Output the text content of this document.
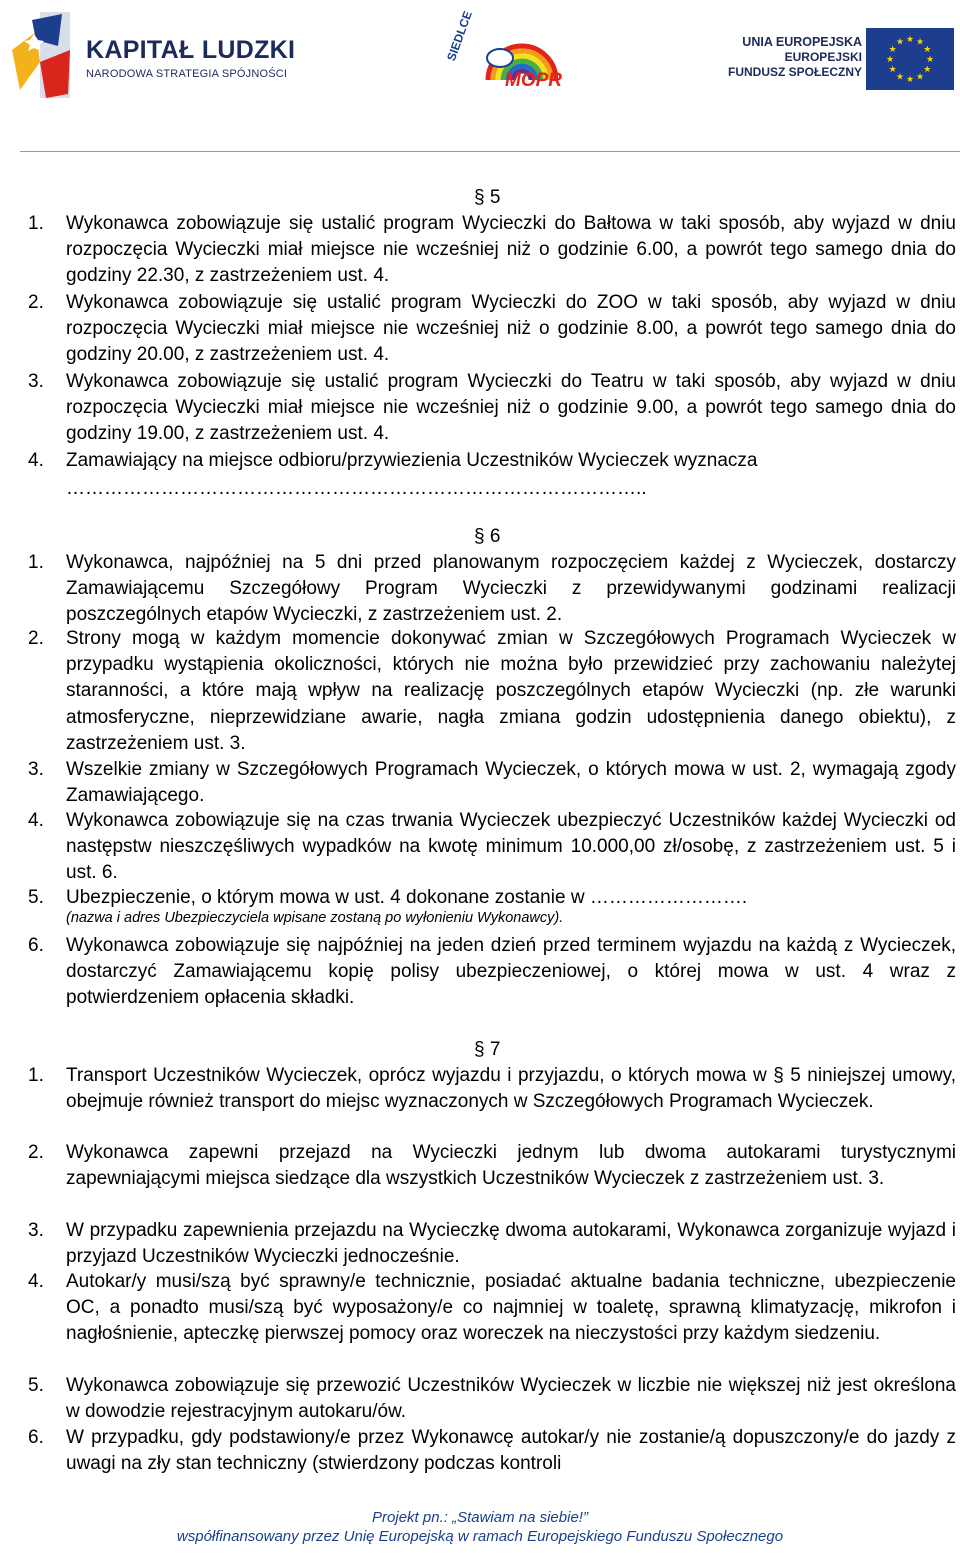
KAPITAŁ LUDZKI
NARODOWA STRATEGIA SPÓJNOŚCI
SIEDLCE
MOPR
UNIA EUROPEJSKA
EUROPEJSKI
FUNDUSZ SPOŁECZNY
★ ★
★
★
★
★
★
★
★
★
★
★
§ 5
1. Wykonawca zobowiązuje się ustalić program Wycieczki do Bałtowa w taki sposób, aby wyjazd w dniu rozpoczęcia Wycieczki miał miejsce nie wcześniej niż o godzinie 6.00, a powrót tego samego dnia do godziny 22.30, z zastrzeżeniem ust. 4.
2. Wykonawca zobowiązuje się ustalić program Wycieczki do ZOO w taki sposób, aby wyjazd w dniu rozpoczęcia Wycieczki miał miejsce nie wcześniej niż o godzinie 8.00, a powrót tego samego dnia do godziny 20.00, z zastrzeżeniem ust. 4.
3. Wykonawca zobowiązuje się ustalić program Wycieczki do Teatru w taki sposób, aby wyjazd w dniu rozpoczęcia Wycieczki miał miejsce nie wcześniej niż o godzinie 9.00, a powrót tego samego dnia do godziny 19.00, z zastrzeżeniem ust. 4.
4. Zamawiający na miejsce odbioru/przywiezienia Uczestników Wycieczek wyznacza
………………………………………………………………………………..
§ 6
1. Wykonawca, najpóźniej na 5 dni przed planowanym rozpoczęciem każdej z Wycieczek, dostarczy Zamawiającemu Szczegółowy Program Wycieczki z przewidywanymi godzinami realizacji poszczególnych etapów Wycieczki, z zastrzeżeniem ust. 2.
2. Strony mogą w każdym momencie dokonywać zmian w Szczegółowych Programach Wycieczek w przypadku wystąpienia okoliczności, których nie można było przewidzieć przy zachowaniu należytej staranności, a które mają wpływ na realizację poszczególnych etapów Wycieczki (np. złe warunki atmosferyczne, nieprzewidziane awarie, nagła zmiana godzin udostępnienia danego obiektu), z zastrzeżeniem ust. 3.
3. Wszelkie zmiany w Szczegółowych Programach Wycieczek, o których mowa w ust. 2, wymagają zgody Zamawiającego.
4. Wykonawca zobowiązuje się na czas trwania Wycieczek ubezpieczyć Uczestników każdej Wycieczki od następstw nieszczęśliwych wypadków na kwotę minimum 10.000,00 zł/osobę, z zastrzeżeniem ust. 5 i ust. 6.
5. Ubezpieczenie, o którym mowa w ust. 4 dokonane zostanie w …………………….
(nazwa i adres Ubezpieczyciela wpisane zostaną po wyłonieniu Wykonawcy).
6. Wykonawca zobowiązuje się najpóźniej na jeden dzień przed terminem wyjazdu na każdą z Wycieczek, dostarczyć Zamawiającemu kopię polisy ubezpieczeniowej, o której mowa w ust. 4 wraz z potwierdzeniem opłacenia składki.
§ 7
1. Transport Uczestników Wycieczek, oprócz wyjazdu i przyjazdu, o których mowa w § 5 niniejszej umowy, obejmuje również transport do miejsc wyznaczonych w Szczegółowych Programach Wycieczek.
2. Wykonawca zapewni przejazd na Wycieczki jednym lub dwoma autokarami turystycznymi zapewniającymi miejsca siedzące dla wszystkich Uczestników Wycieczek z zastrzeżeniem ust. 3.
3. W przypadku zapewnienia przejazdu na Wycieczkę dwoma autokarami, Wykonawca zorganizuje wyjazd i przyjazd Uczestników Wycieczki jednocześnie.
4. Autokar/y musi/szą być sprawny/e technicznie, posiadać aktualne badania techniczne, ubezpieczenie OC, a ponadto musi/szą być wyposażony/e co najmniej w toaletę, sprawną klimatyzację, mikrofon i nagłośnienie, apteczkę pierwszej pomocy oraz woreczek na nieczystości przy każdym siedzeniu.
5. Wykonawca zobowiązuje się przewozić Uczestników Wycieczek w liczbie nie większej niż jest określona w dowodzie rejestracyjnym autokaru/ów.
6. W przypadku, gdy podstawiony/e przez Wykonawcę autokar/y nie zostanie/ą dopuszczony/e do jazdy z uwagi na zły stan techniczny (stwierdzony podczas kontroli
Projekt pn.: „Stawiam na siebie!”
współfinansowany przez Unię Europejską w ramach Europejskiego Funduszu Społecznego
